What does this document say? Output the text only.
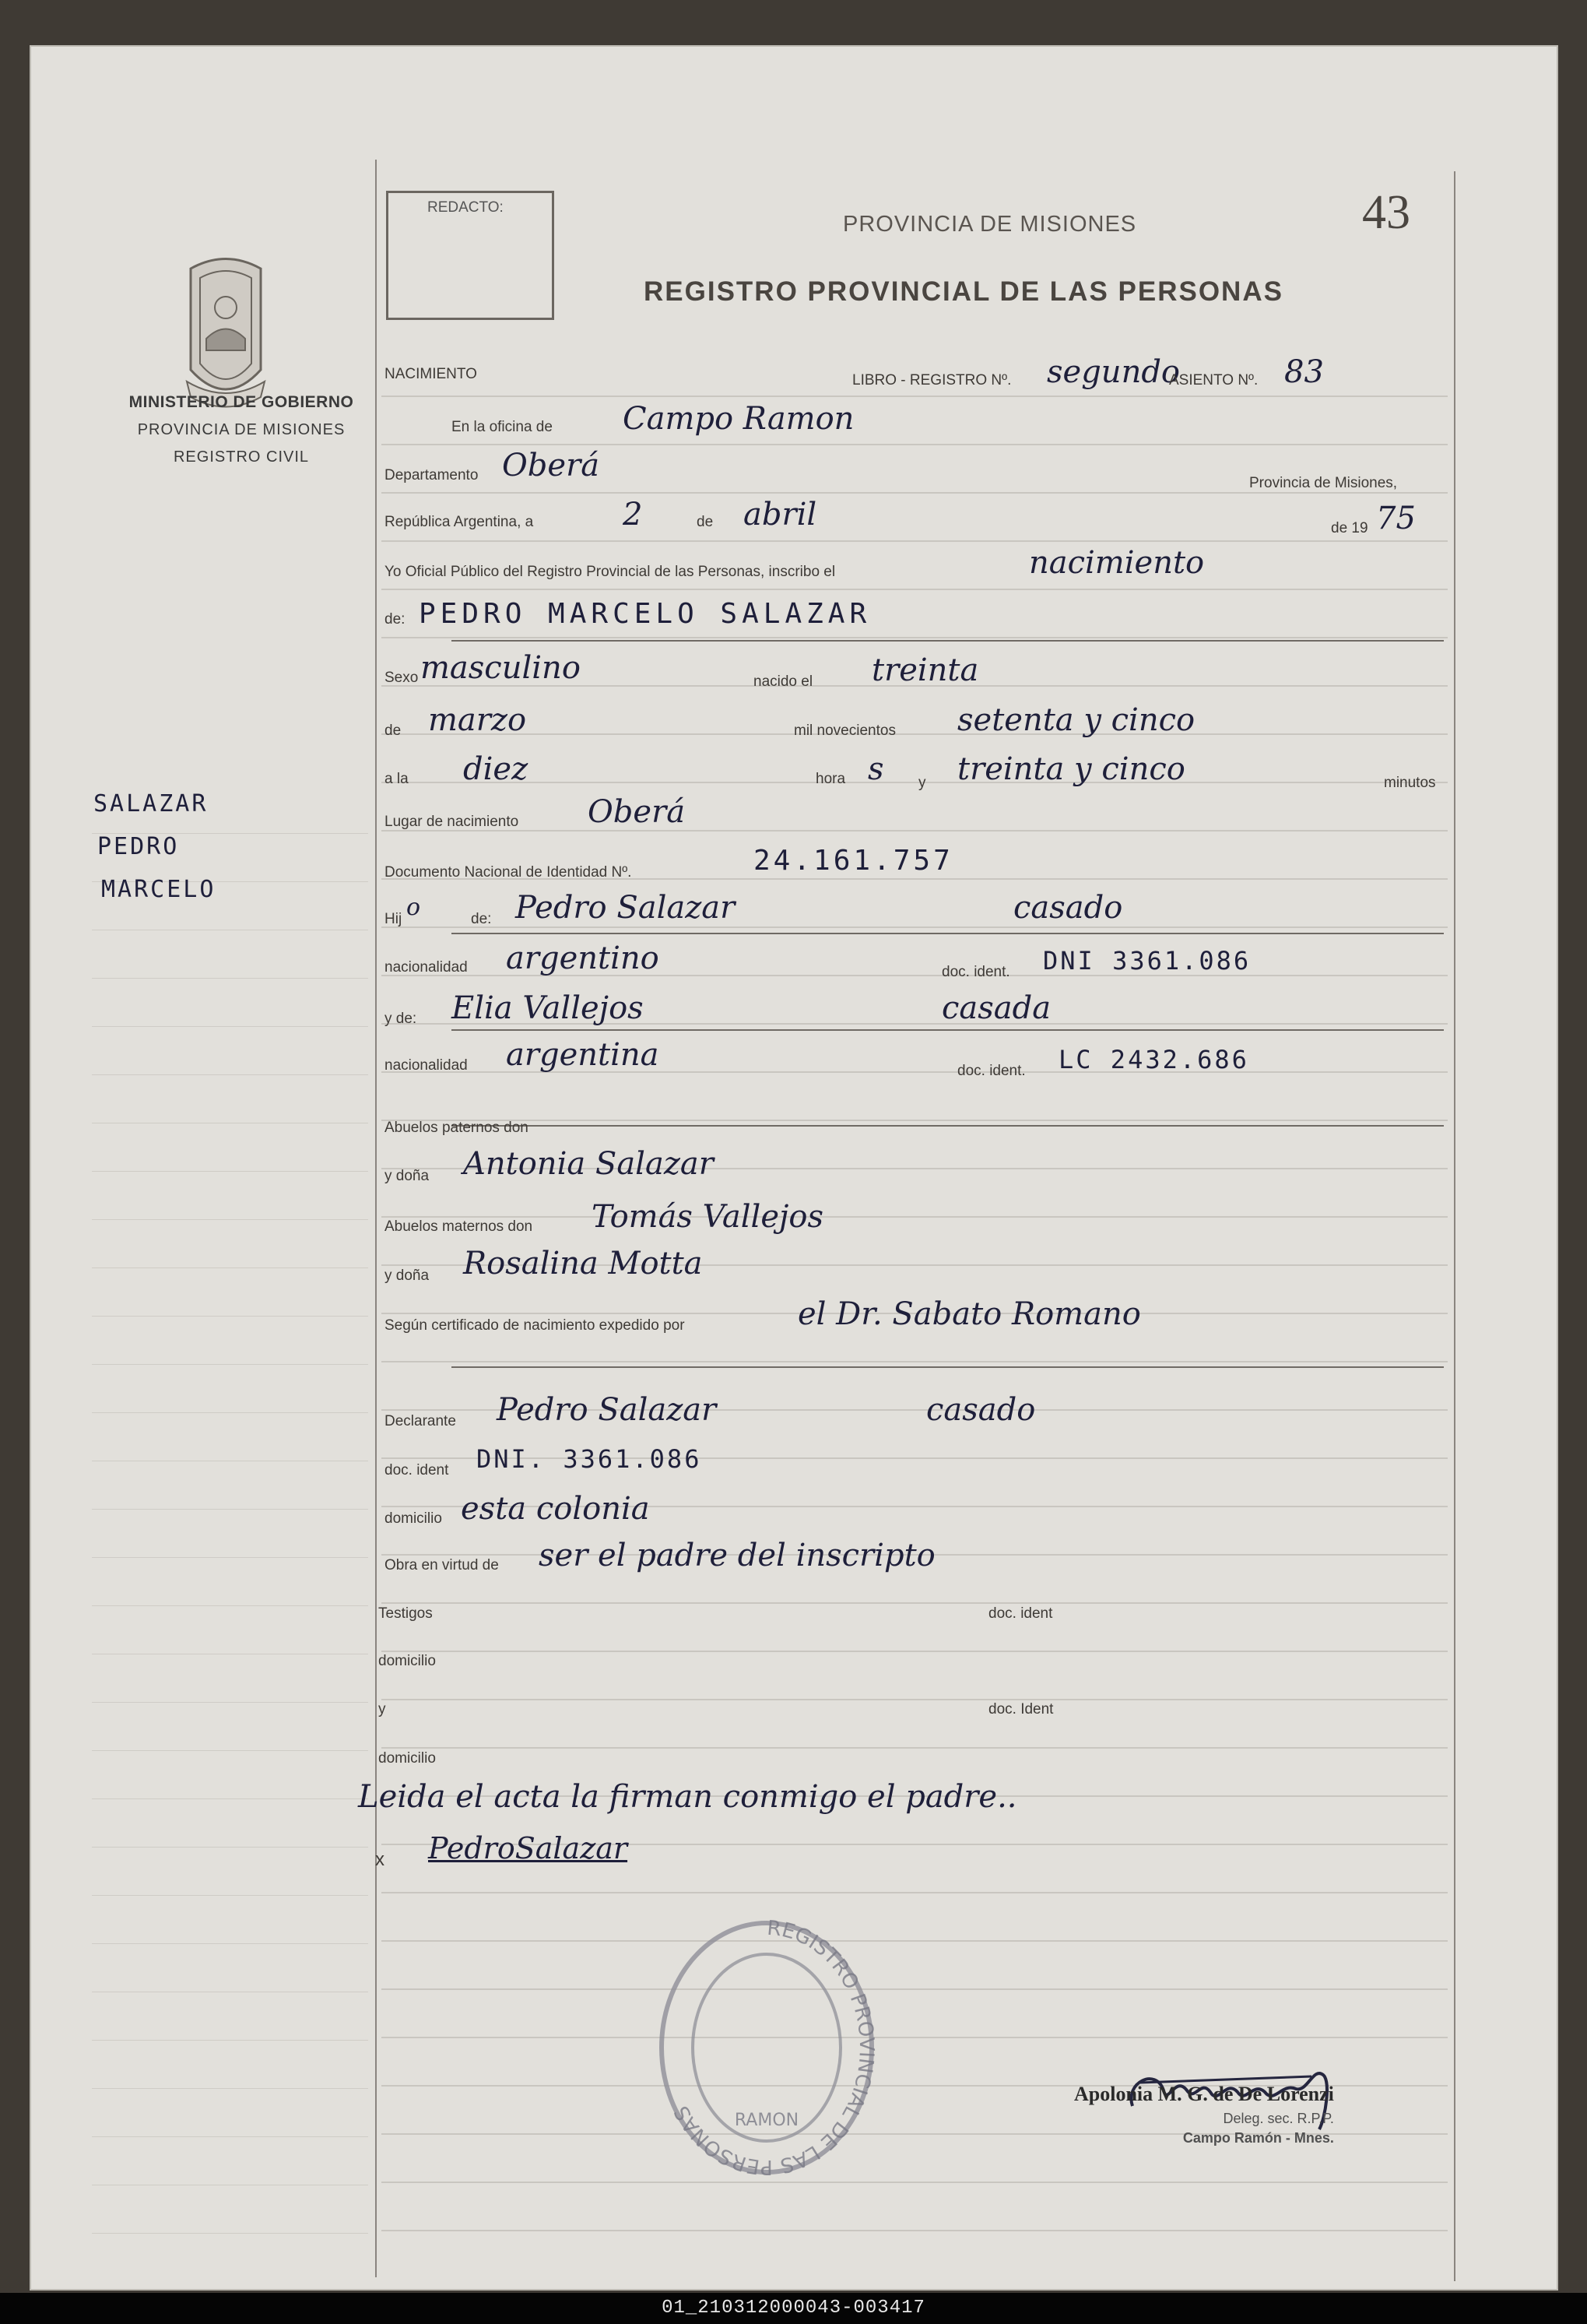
MINISTERIO DE GOBIERNO
PROVINCIA DE MISIONES
REGISTRO CIVIL
SALAZAR
PEDRO
MARCELO
REDACTO:	43
PROVINCIA DE MISIONES
REGISTRO PROVINCIAL DE LAS PERSONAS
NACIMIENTO	LIBRO - REGISTRO Nº. segundo
ASIENTO Nº. 83
En la oficina de Campo Ramon
Departamento Oberá	Provincia de Misiones,
República Argentina, a	2	de abril	de 19 75
Yo Oficial Público del Registro Provincial de las Personas, inscribo el	nacimiento
de: PEDRO MARCELO SALAZAR
Sexo masculino	nacido el treinta
de marzo	mil novecientos setenta y cinco
a la diez	hora s y treinta y cinco	minutos
Lugar de nacimiento Oberá
Documento Nacional de Identidad Nº.	24.161.757
Hij o	de: Pedro Salazar	casado
nacionalidad argentino	doc. ident. DNI 3361.086
y de: Elia Vallejos	casada
nacionalidad argentina	doc. ident. LC 2432.686
Abuelos paternos don
y doña Antonia Salazar
Abuelos maternos don Tomás Vallejos
y doña Rosalina Motta
Según certificado de nacimiento expedido por	el Dr. Sabato Romano
Declarante Pedro Salazar	casado
doc. ident DNI. 3361.086
domicilio esta colonia
Obra en virtud de ser el padre del inscripto
Testigos	doc. ident
domicilio
y	doc. Ident
domicilio
Leida el acta la firman conmigo el padre..
x PedroSalazar
REGISTRO PROVINCIAL DE LAS PERSONAS	RAMON
Apolonia M. G. de De Lorenzi
Deleg. sec. R.P.P.
Campo Ramón - Mnes.
01_210312000043-003417
